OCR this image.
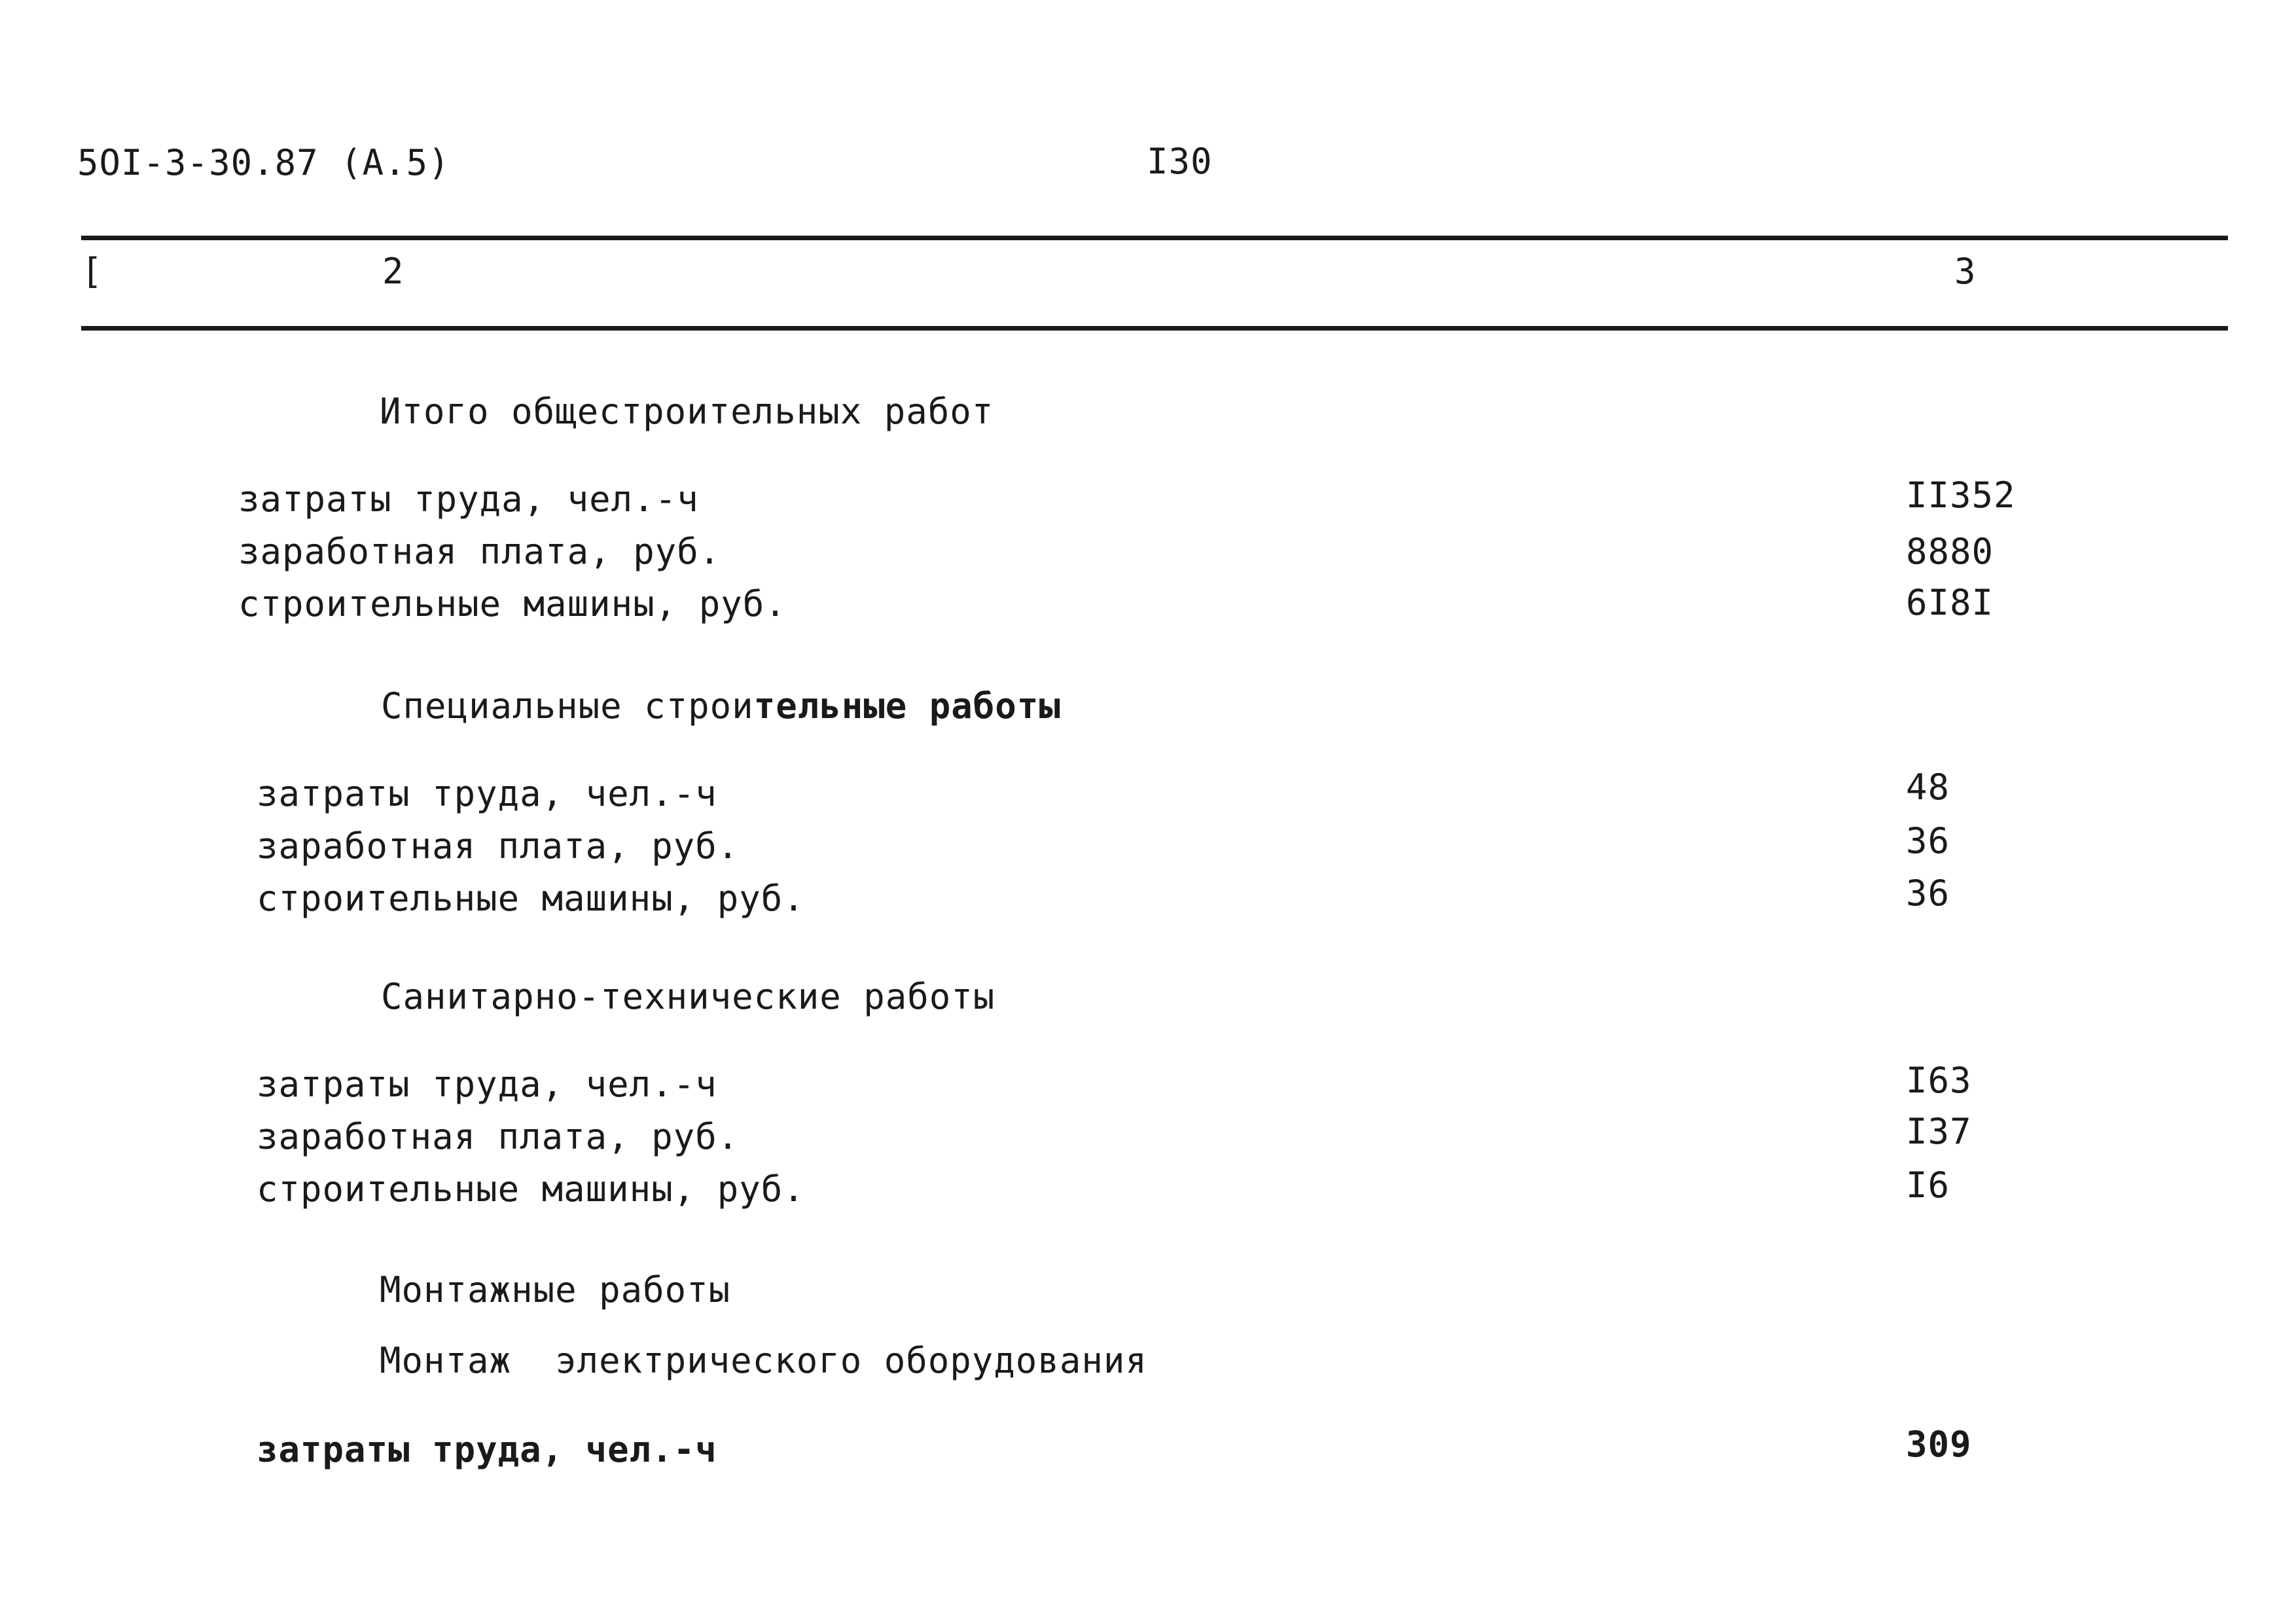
5OI-3-30.87 (A.5)	I30
[	2	3
Итого общестроительных работ
затраты труда, чел.-ч	II352
заработная плата, руб.	8880
строительные машины, руб.	6I8I
Специальные строительные работы
затраты труда, чел.-ч	48
заработная плата, руб.	36
строительные машины, руб.	36
Санитарно-технические работы
затраты труда, чел.-ч	I63
заработная плата, руб.	I37
строительные машины, руб.	I6
Монтажные работы
Монтаж  электрического оборудования
затраты труда, чел.-ч	309
